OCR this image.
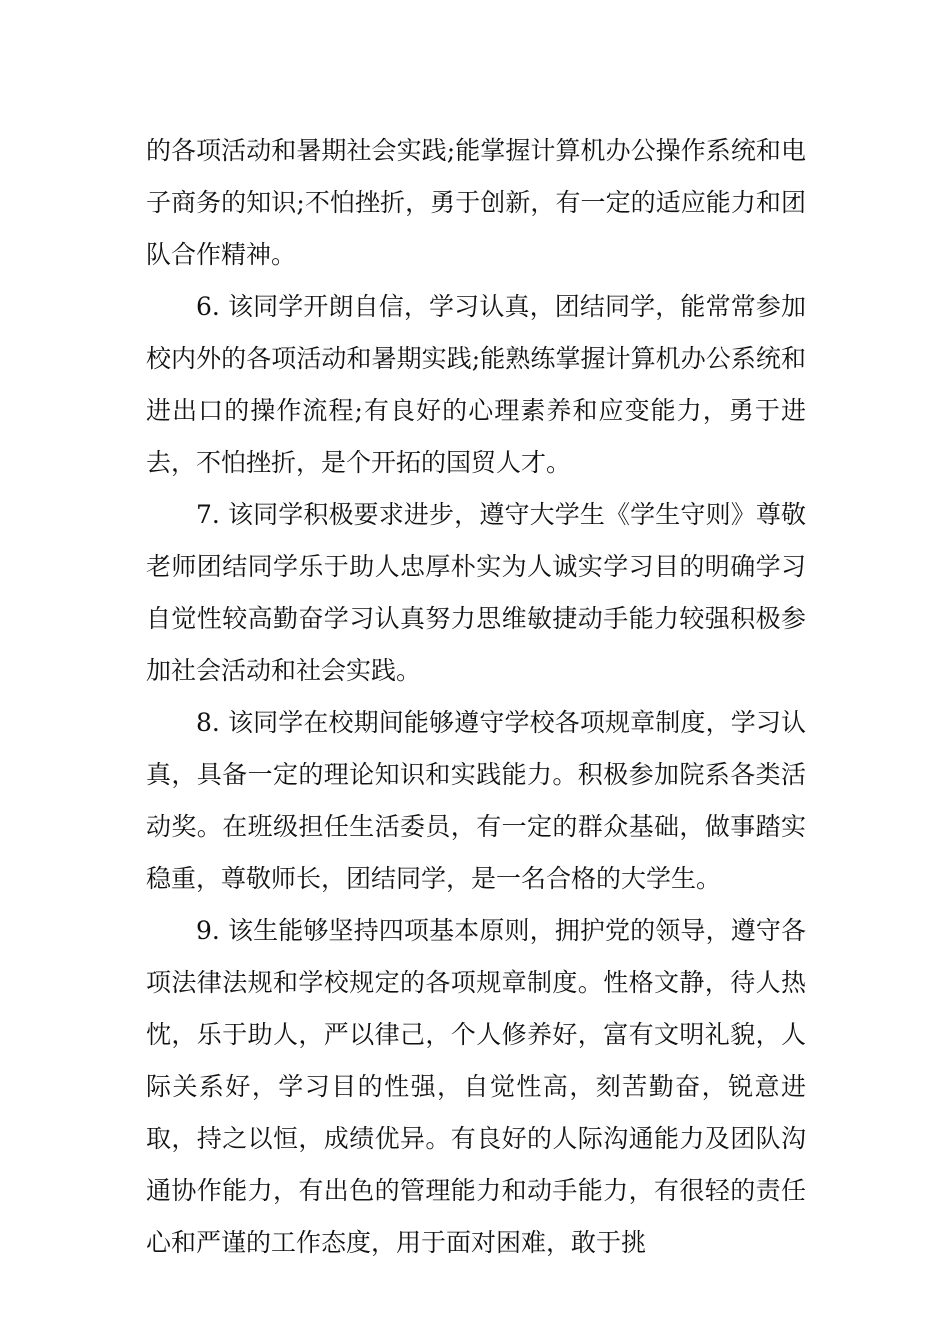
的各项活动和暑期社会实践;能掌握计算机办公操作系统和电子商务的知识;不怕挫折，勇于创新，有一定的适应能力和团队合作精神。

6. 该同学开朗自信，学习认真，团结同学，能常常参加校内外的各项活动和暑期实践;能熟练掌握计算机办公系统和进出口的操作流程;有良好的心理素养和应变能力，勇于进去，不怕挫折，是个开拓的国贸人才。

7. 该同学积极要求进步，遵守大学生《学生守则》尊敬老师团结同学乐于助人忠厚朴实为人诚实学习目的明确学习自觉性较高勤奋学习认真努力思维敏捷动手能力较强积极参加社会活动和社会实践。

8. 该同学在校期间能够遵守学校各项规章制度，学习认真，具备一定的理论知识和实践能力。积极参加院系各类活动奖。在班级担任生活委员，有一定的群众基础，做事踏实稳重，尊敬师长，团结同学，是一名合格的大学生。

9. 该生能够坚持四项基本原则，拥护党的领导，遵守各项法律法规和学校规定的各项规章制度。性格文静，待人热忱，乐于助人，严以律己，个人修养好，富有文明礼貌，人际关系好，学习目的性强，自觉性高，刻苦勤奋，锐意进取，持之以恒，成绩优异。有良好的人际沟通能力及团队沟通协作能力，有出色的管理能力和动手能力，有很轻的责任心和严谨的工作态度，用于面对困难，敢于挑
